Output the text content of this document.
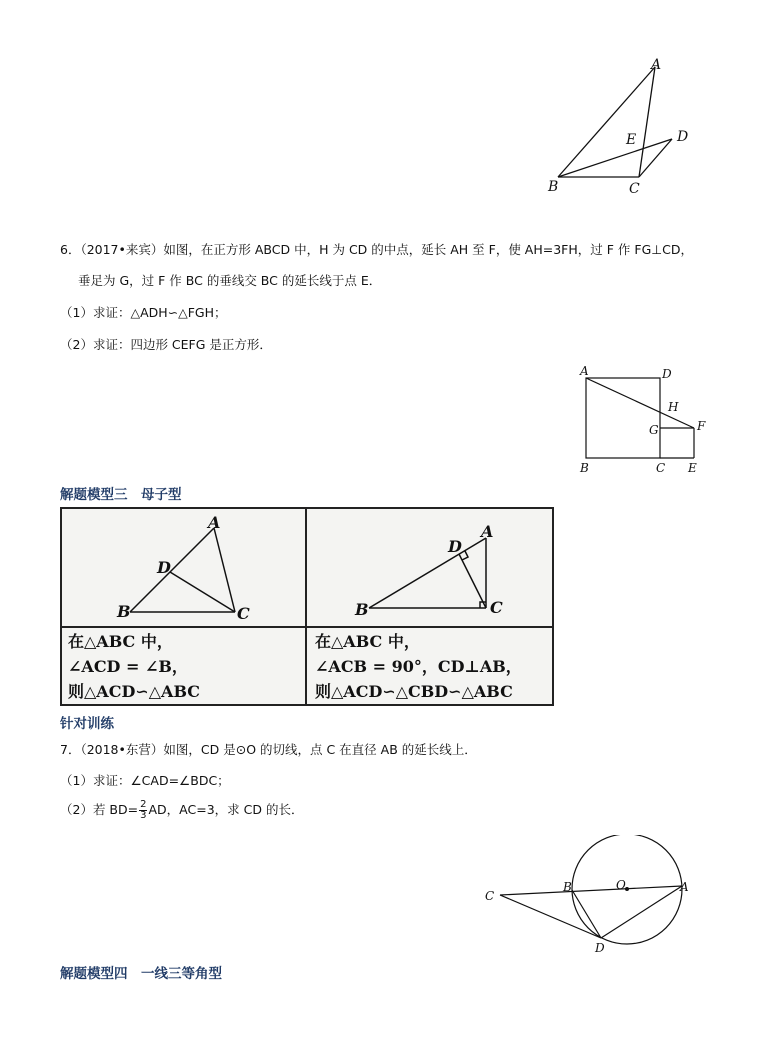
A
B	C
D
E
6．（2017•来宾）如图，在正方形 ABCD 中，H 为 CD 的中点，延长 AH 至 F，使 AH=3FH，过 F 作 FG⊥CD，
垂足为 G，过 F 作 BC 的垂线交 BC 的延长线于点 E．
（1）求证：△ADH∽△FGH；
（2）求证：四边形 CEFG 是正方形．
A	D
H
G	F
B	C E
解题模型三　母子型
A
D
B	C
A
D
B	C
在△ABC 中，
∠ACD = ∠B，
则△ACD∽△ABC
在△ABC 中，
∠ACB = 90°，CD⊥AB，
则△ACD∽△CBD∽△ABC
针对训练
7．（2018•东营）如图，CD 是⊙O 的切线，点 C 在直径 AB 的延长线上．
（1）求证：∠CAD=∠BDC；
（2）若 $BD= \frac{2}{3}$ AD，AC=3，求 CD 的长．
C
B	O	A
D
解题模型四　一线三等角型
